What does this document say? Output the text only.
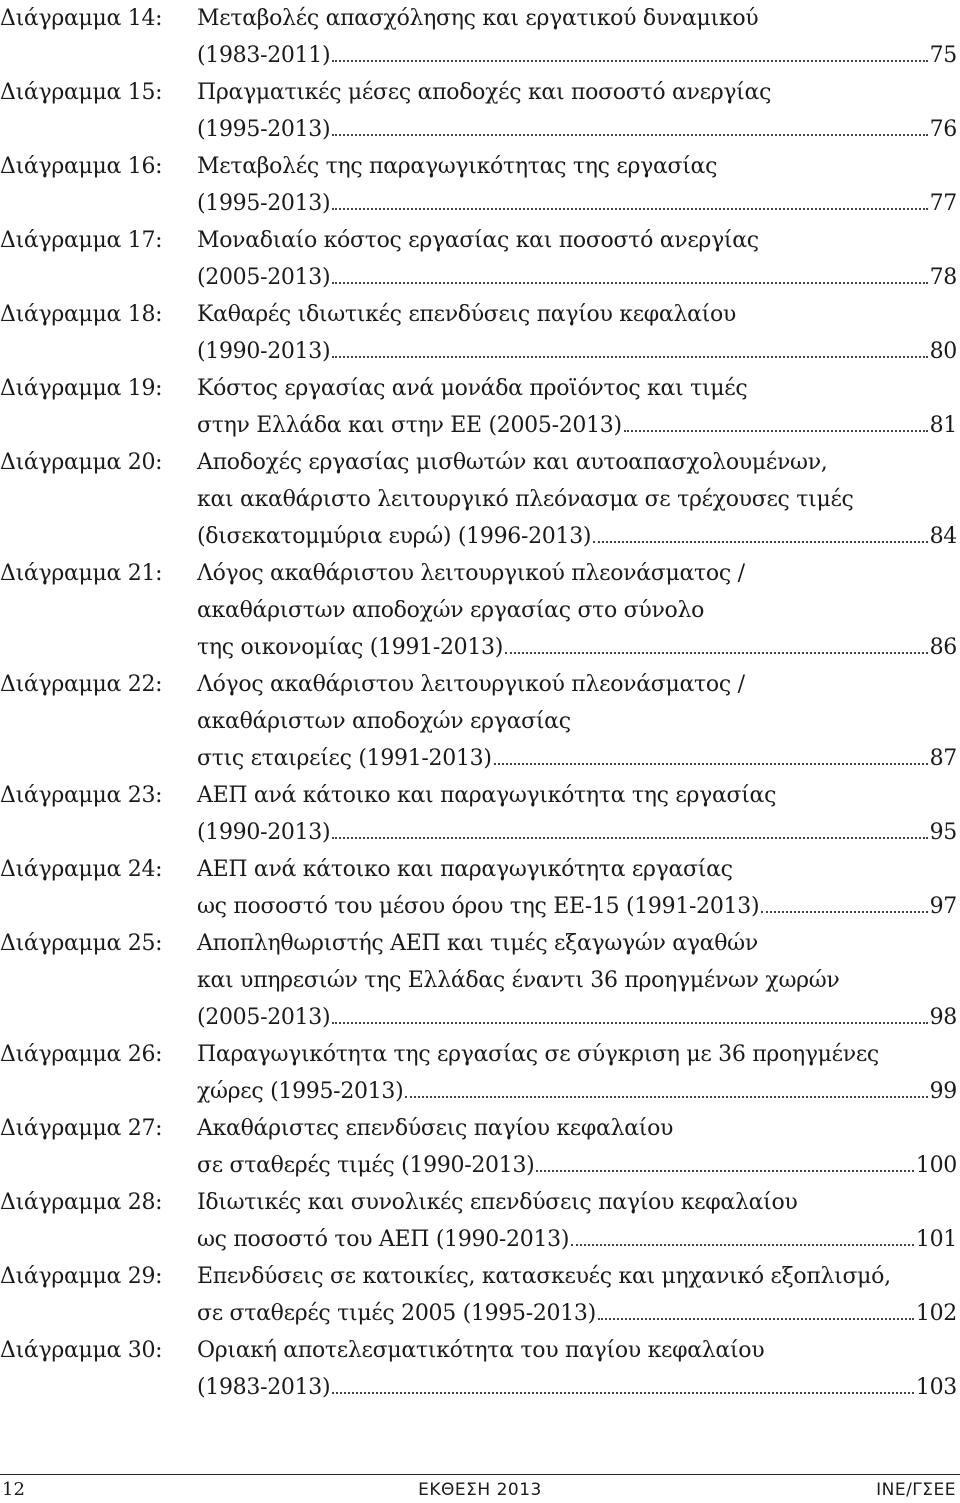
Διάγραμμα 14:	Μεταβολές απασχόλησης και εργατικού δυναμικού
(1983-2011)	75
Διάγραμμα 15:	Πραγματικές μέσες αποδοχές και ποσοστό ανεργίας
(1995-2013)	76
Διάγραμμα 16:	Μεταβολές της παραγωγικότητας της εργασίας
(1995-2013)	77
Διάγραμμα 17:	Μοναδιαίο κόστος εργασίας και ποσοστό ανεργίας
(2005-2013)	78
Διάγραμμα 18:	Καθαρές ιδιωτικές επενδύσεις παγίου κεφαλαίου
(1990-2013)	80
Διάγραμμα 19:	Κόστος εργασίας ανά μονάδα προϊόντος και τιμές
στην Ελλάδα και στην ΕΕ (2005-2013)	81
Διάγραμμα 20:	Αποδοχές εργασίας μισθωτών και αυτοαπασχολουμένων,
και ακαθάριστο λειτουργικό πλεόνασμα σε τρέχουσες τιμές
(δισεκατομμύρια ευρώ) (1996-2013)	84
Διάγραμμα 21:	Λόγος ακαθάριστου λειτουργικού πλεονάσματος /
ακαθάριστων αποδοχών εργασίας στο σύνολο
της οικονομίας (1991-2013)	86
Διάγραμμα 22:	Λόγος ακαθάριστου λειτουργικού πλεονάσματος /
ακαθάριστων αποδοχών εργασίας
στις εταιρείες (1991-2013)	87
Διάγραμμα 23:	ΑΕΠ ανά κάτοικο και παραγωγικότητα της εργασίας
(1990-2013)	95
Διάγραμμα 24:	ΑΕΠ ανά κάτοικο και παραγωγικότητα εργασίας
ως ποσοστό του μέσου όρου της ΕΕ-15 (1991-2013)	97
Διάγραμμα 25:	Αποπληθωριστής ΑΕΠ και τιμές εξαγωγών αγαθών
και υπηρεσιών της Ελλάδας έναντι 36 προηγμένων χωρών
(2005-2013)	98
Διάγραμμα 26:	Παραγωγικότητα της εργασίας σε σύγκριση με 36 προηγμένες
χώρες (1995-2013)	99
Διάγραμμα 27:	Ακαθάριστες επενδύσεις παγίου κεφαλαίου
σε σταθερές τιμές (1990-2013)	100
Διάγραμμα 28:	Ιδιωτικές και συνολικές επενδύσεις παγίου κεφαλαίου
ως ποσοστό του ΑΕΠ (1990-2013)	101
Διάγραμμα 29:	Επενδύσεις σε κατοικίες, κατασκευές και μηχανικό εξοπλισμό,
σε σταθερές τιμές 2005 (1995-2013)	102
Διάγραμμα 30:	Οριακή αποτελεσματικότητα του παγίου κεφαλαίου
(1983-2013)	103
12	ΕΚΘΕΣΗ 2013	ΙΝΕ/ΓΣΕΕ
